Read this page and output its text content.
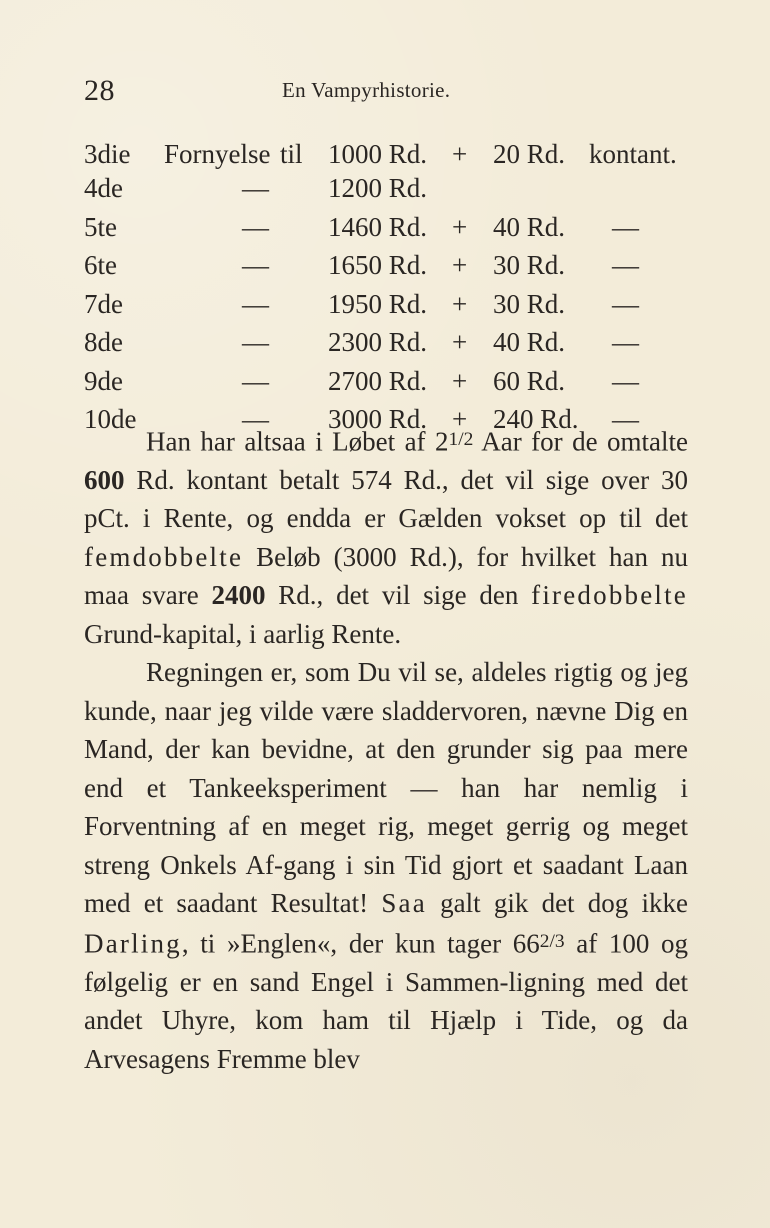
28	En Vampyrhistorie.
3die Fornyelse til 1000 Rd. + 20 Rd. kontant.
4de	— 1200 Rd.
5te	— 1460 Rd. + 40 Rd. —
6te	— 1650 Rd. + 30 Rd. —
7de	— 1950 Rd. + 30 Rd. —
8de	— 2300 Rd. + 40 Rd. —
9de	— 2700 Rd. + 60 Rd. —
10de	— 3000 Rd. + 240 Rd. —

Han har altsaa i Løbet af $2^{1/2}$ Aar for de omtalte 600 Rd. kontant betalt 574 Rd., det vil sige over 30 pCt. i Rente, og endda er Gælden vokset op til det femdobbelte Beløb (3000 Rd.), for hvilket han nu maa svare 2400 Rd., det vil sige den firedobbelte Grund-kapital, i aarlig Rente.

Regningen er, som Du vil se, aldeles rigtig og jeg kunde, naar jeg vilde være sladdervoren, nævne Dig en Mand, der kan bevidne, at den grunder sig paa mere end et Tankeeksperiment — han har nemlig i Forventning af en meget rig, meget gerrig og meget streng Onkels Af-gang i sin Tid gjort et saadant Laan med et saadant Resultat! Saa galt gik det dog ikke Darling, ti »Englen«, der kun tager $66^{2/3}$ af 100 og følgelig er en sand Engel i Sammen-ligning med det andet Uhyre, kom ham til Hjælp i Tide, og da Arvesagens Fremme blev
